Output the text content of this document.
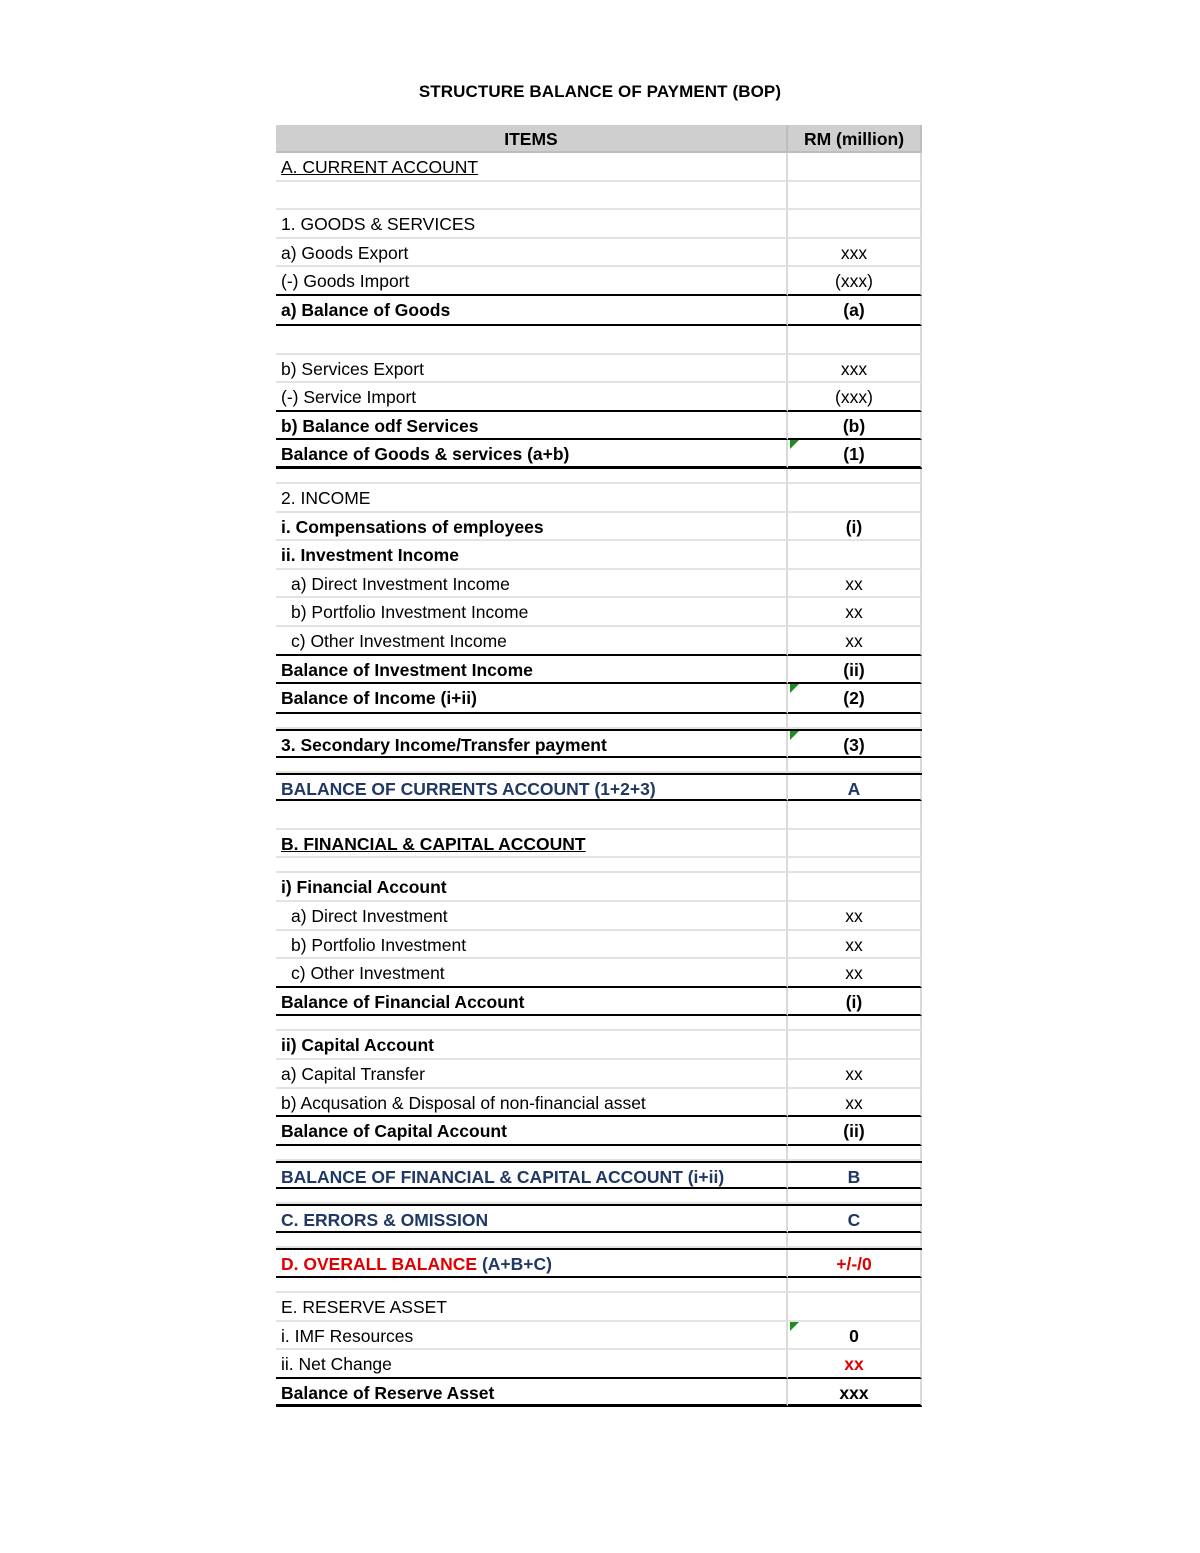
STRUCTURE BALANCE OF PAYMENT (BOP)
ITEMS	RM (million)
A. CURRENT ACCOUNT
1. GOODS & SERVICES
a) Goods Export	xxx
(-) Goods Import	(xxx)
a) Balance of Goods	(a)
b) Services Export	xxx
(-) Service Import	(xxx)
b) Balance odf Services	(b)
Balance of Goods & services (a+b)	(1)
2. INCOME
i. Compensations of employees	(i)
ii. Investment Income
a) Direct Investment Income	xx
b) Portfolio Investment Income	xx
c) Other Investment Income	xx
Balance of Investment Income	(ii)
Balance of Income (i+ii)	(2)
3. Secondary Income/Transfer payment	(3)
BALANCE OF CURRENTS ACCOUNT (1+2+3)	A
B. FINANCIAL & CAPITAL ACCOUNT
i) Financial Account
a) Direct Investment	xx
b) Portfolio Investment	xx
c) Other Investment	xx
Balance of Financial Account	(i)
ii) Capital Account
a) Capital Transfer	xx
b) Acqusation & Disposal of non-financial asset	xx
Balance of Capital Account	(ii)
BALANCE OF FINANCIAL & CAPITAL ACCOUNT (i+ii)	B
C. ERRORS & OMISSION	C
D. OVERALL BALANCE (A+B+C)	+/-/0
E. RESERVE ASSET
i. IMF Resources	0
ii. Net Change	xx
Balance of Reserve Asset	xxx
